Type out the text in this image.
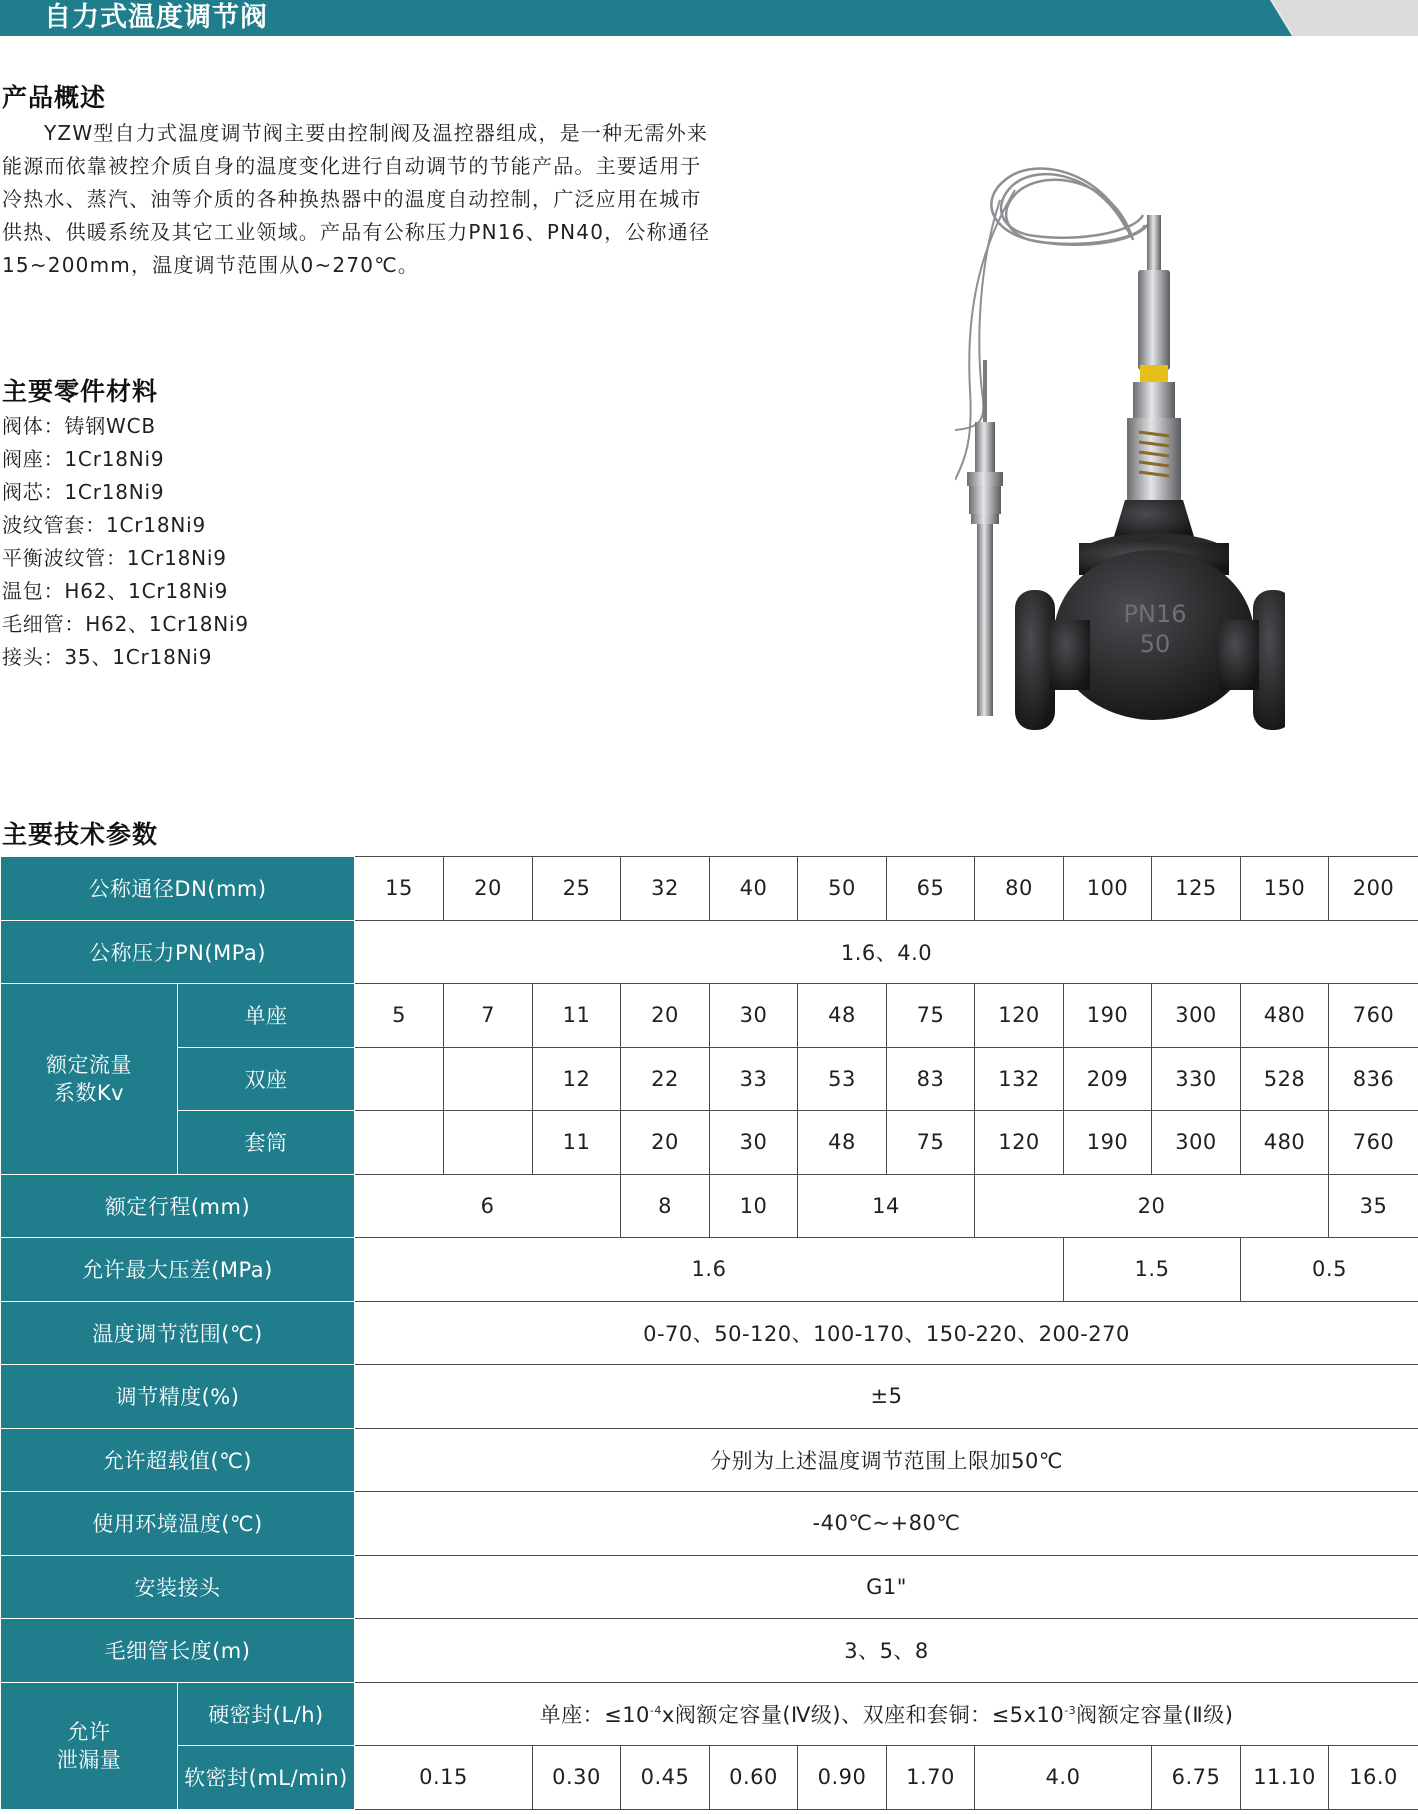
自力式温度调节阀
产品概述
YZW型自力式温度调节阀主要由控制阀及温控器组成，是一种无需外来
能源而依靠被控介质自身的温度变化进行自动调节的节能产品。主要适用于
冷热水、蒸汽、油等介质的各种换热器中的温度自动控制，广泛应用在城市
供热、供暖系统及其它工业领域。产品有公称压力PN16、PN40，公称通径
15~200mm，温度调节范围从0~270℃。
主要零件材料
阀体：铸钢WCB
阀座：1Cr18Ni9
阀芯：1Cr18Ni9
波纹管套：1Cr18Ni9
平衡波纹管：1Cr18Ni9
温包：H62、1Cr18Ni9
毛细管：H62、1Cr18Ni9
接头：35、1Cr18Ni9
PN16
50
主要技术参数
公称通径DN(mm)		15	20	25	32	40	50	65	80	100	125	150	200
公称压力PN(MPa)		1.6、4.0											
额定流量
系数Kv	单座	5	7	11	20	30	48	75	120	190	300	480	760
	双座			12	22	33	53	83	132	209	330	528	836
	套筒			11	20	30	48	75	120	190	300	480	760
额定行程(mm)		6			8	10	14		20				35
允许最大压差(MPa)		1.6								1.5		0.5	
温度调节范围(℃)		0-70、50-120、100-170、150-220、200-270											
调节精度(%)		±5											
允许超载值(℃)		分别为上述温度调节范围上限加50℃											
使用环境温度(℃)		-40℃~+80℃											
安装接头		G1"											
毛细管长度(m)		3、5、8											
允许
泄漏量	硬密封(L/h)	单座：$\le 10^{-4}x$阀额定容量(Ⅳ级)、双座和套铜：$\le 5x10^{-3}$阀额定容量(Ⅱ级)											
	软密封(mL/min)	0.15		0.30	0.45	0.60	0.90	1.70	4.0		6.75	11.10	16.0
